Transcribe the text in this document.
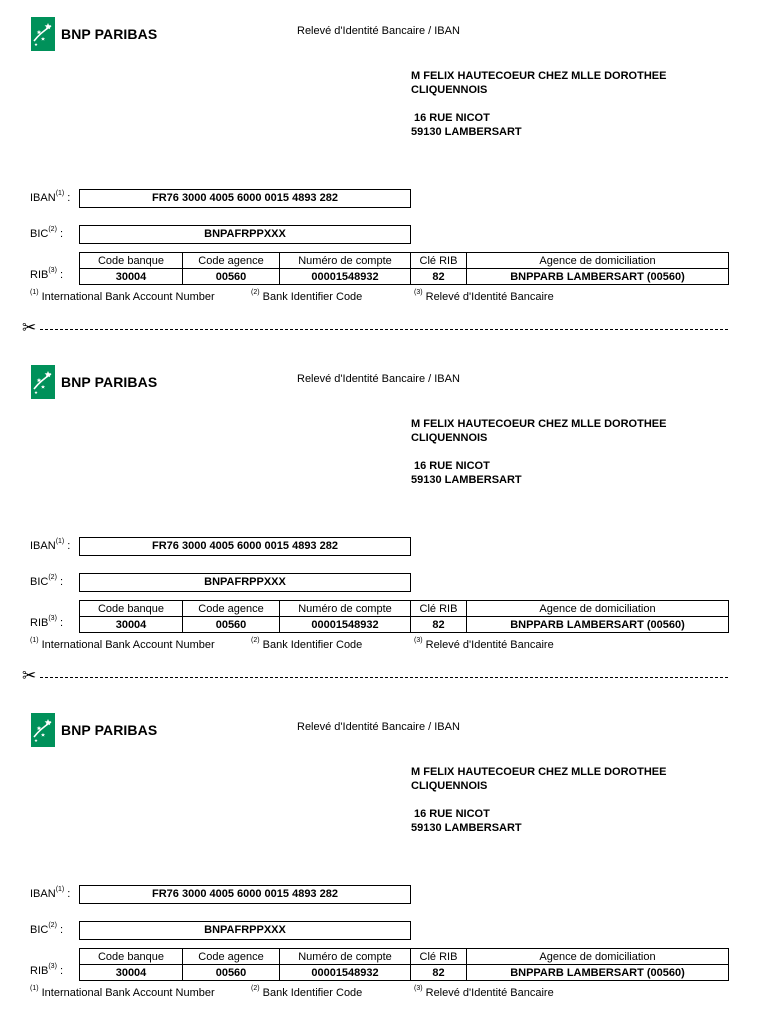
BNP PARIBAS	Relevé d'Identité Bancaire / IBAN
M FELIX HAUTECOEUR CHEZ MLLE DOROTHEE CLIQUENNOIS
16 RUE NICOT
59130 LAMBERSART
IBAN$^{(1)}$ :	FR76 3000 4005 6000 0015 4893 282
BIC$^{(2)}$ :	BNPAFRPPXXX
RIB$^{(3)}$ :
Code banque	Code agence	Numéro de compte	Clé RIB	Agence de domiciliation
30004	00560	00001548932	82	BNPPARB LAMBERSART (00560)
$^{(1)}$ International Bank Account Number	$^{(2)}$ Bank Identifier Code	$^{(3)}$ Relevé d'Identité Bancaire
BNP PARIBAS	Relevé d'Identité Bancaire / IBAN
M FELIX HAUTECOEUR CHEZ MLLE DOROTHEE CLIQUENNOIS
16 RUE NICOT
59130 LAMBERSART
IBAN$^{(1)}$ :	FR76 3000 4005 6000 0015 4893 282
BIC$^{(2)}$ :	BNPAFRPPXXX
RIB$^{(3)}$ :
Code banque	Code agence	Numéro de compte	Clé RIB	Agence de domiciliation
30004	00560	00001548932	82	BNPPARB LAMBERSART (00560)
$^{(1)}$ International Bank Account Number	$^{(2)}$ Bank Identifier Code	$^{(3)}$ Relevé d'Identité Bancaire
BNP PARIBAS	Relevé d'Identité Bancaire / IBAN
M FELIX HAUTECOEUR CHEZ MLLE DOROTHEE CLIQUENNOIS
16 RUE NICOT
59130 LAMBERSART
IBAN$^{(1)}$ :	FR76 3000 4005 6000 0015 4893 282
BIC$^{(2)}$ :	BNPAFRPPXXX
RIB$^{(3)}$ :
Code banque	Code agence	Numéro de compte	Clé RIB	Agence de domiciliation
30004	00560	00001548932	82	BNPPARB LAMBERSART (00560)
$^{(1)}$ International Bank Account Number	$^{(2)}$ Bank Identifier Code	$^{(3)}$ Relevé d'Identité Bancaire
✂
✂
